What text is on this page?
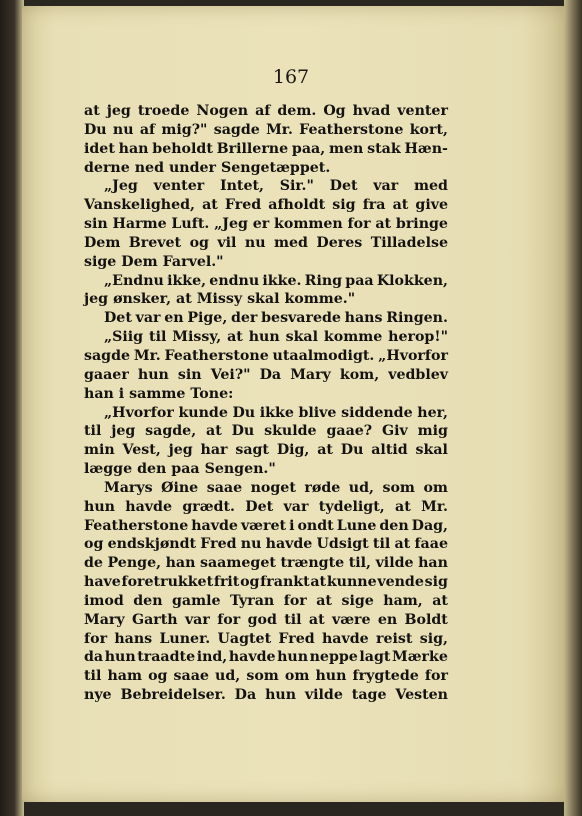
167
at jeg troede Nogen af dem. Og hvad venter
Du nu af mig?" sagde Mr. Featherstone kort,
idet han beholdt Brillerne paa, men stak Hæn-
derne ned under Sengetæppet.
„Jeg venter Intet, Sir." Det var med
Vanskelighed, at Fred afholdt sig fra at give
sin Harme Luft. „Jeg er kommen for at bringe
Dem Brevet og vil nu med Deres Tilladelse
sige Dem Farvel."
„Endnu ikke, endnu ikke. Ring paa Klokken,
jeg ønsker, at Missy skal komme."
Det var en Pige, der besvarede hans Ringen.
„Siig til Missy, at hun skal komme herop!"
sagde Mr. Featherstone utaalmodigt. „Hvorfor
gaaer hun sin Vei?" Da Mary kom, vedblev
han i samme Tone:
„Hvorfor kunde Du ikke blive siddende her,
til jeg sagde, at Du skulde gaae? Giv mig
min Vest, jeg har sagt Dig, at Du altid skal
lægge den paa Sengen."
Marys Øine saae noget røde ud, som om
hun havde grædt. Det var tydeligt, at Mr.
Featherstone havde været i ondt Lune den Dag,
og endskjøndt Fred nu havde Udsigt til at faae
de Penge, han saameget trængte til, vilde han
have foretrukket frit og frankt at kunne vende sig
imod den gamle Tyran for at sige ham, at
Mary Garth var for god til at være en Boldt
for hans Luner. Uagtet Fred havde reist sig,
da hun traadte ind, havde hun neppe lagt Mærke
til ham og saae ud, som om hun frygtede for
nye Bebreidelser. Da hun vilde tage Vesten
